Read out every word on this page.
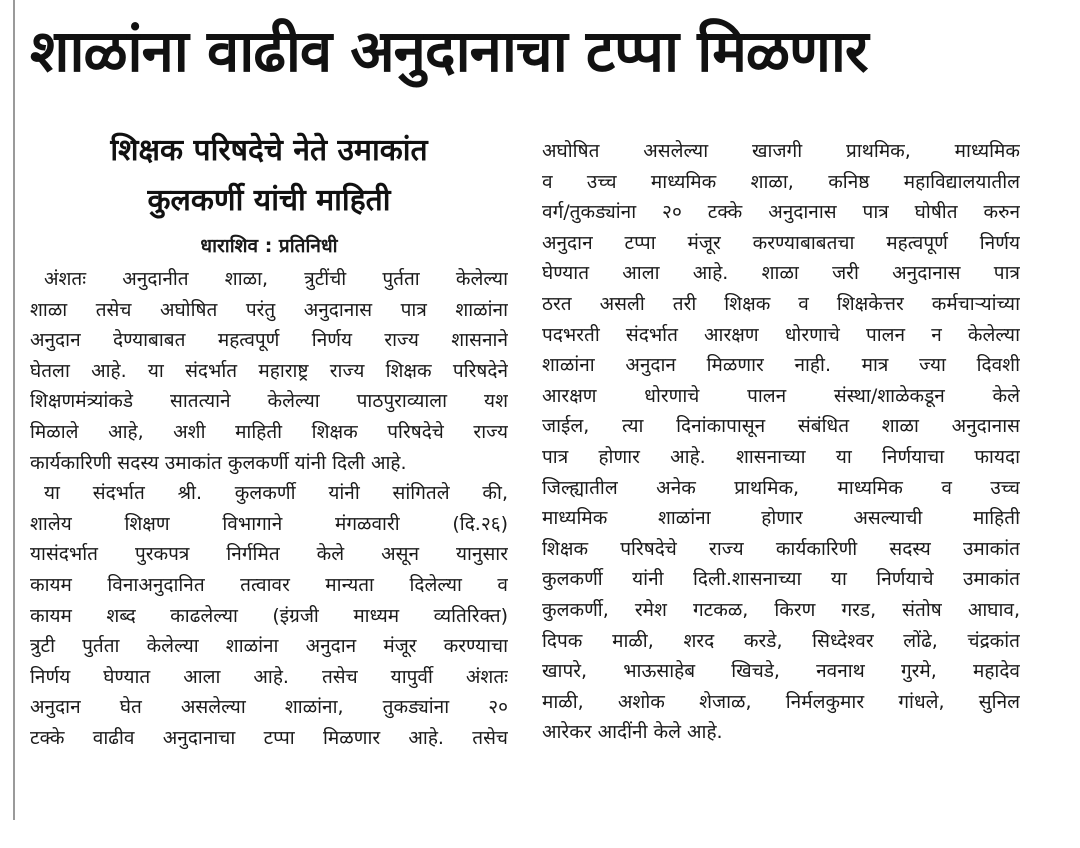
शाळांना वाढीव अनुदानाचा टप्पा मिळणार
शिक्षक परिषदेचे नेते उमाकांत
कुलकर्णी यांची माहिती
धाराशिव : प्रतिनिधी
अंशतः अनुदानीत शाळा, त्रुटींची पुर्तता केलेल्या
शाळा तसेच अघोषित परंतु अनुदानास पात्र शाळांना
अनुदान देण्याबाबत महत्वपूर्ण निर्णय राज्य शासनाने
घेतला आहे. या संदर्भात महाराष्ट्र राज्य शिक्षक परिषदेने
शिक्षणमंत्र्यांकडे सातत्याने केलेल्या पाठपुराव्याला यश
मिळाले आहे, अशी माहिती शिक्षक परिषदेचे राज्य
कार्यकारिणी सदस्य उमाकांत कुलकर्णी यांनी दिली आहे.
या संदर्भात श्री. कुलकर्णी यांनी सांगितले की,
शालेय शिक्षण विभागाने मंगळवारी (दि.२६)
यासंदर्भात पुरकपत्र निर्गमित केले असून यानुसार
कायम विनाअनुदानित तत्वावर मान्यता दिलेल्या व
कायम शब्द काढलेल्या (इंग्रजी माध्यम व्यतिरिक्त)
त्रुटी पुर्तता केलेल्या शाळांना अनुदान मंजूर करण्याचा
निर्णय घेण्यात आला आहे. तसेच यापुर्वी अंशतः
अनुदान घेत असलेल्या शाळांना, तुकड्यांना २०
टक्के वाढीव अनुदानाचा टप्पा मिळणार आहे. तसेच
अघोषित असलेल्या खाजगी प्राथमिक, माध्यमिक
व उच्च माध्यमिक शाळा, कनिष्ठ महाविद्यालयातील
वर्ग/तुकड्यांना २० टक्के अनुदानास पात्र घोषीत करुन
अनुदान टप्पा मंजूर करण्याबाबतचा महत्वपूर्ण निर्णय
घेण्यात आला आहे. शाळा जरी अनुदानास पात्र
ठरत असली तरी शिक्षक व शिक्षकेत्तर कर्मचाऱ्यांच्या
पदभरती संदर्भात आरक्षण धोरणाचे पालन न केलेल्या
शाळांना अनुदान मिळणार नाही. मात्र ज्या दिवशी
आरक्षण धोरणाचे पालन संस्था/शाळेकडून केले
जाईल, त्या दिनांकापासून संबंधित शाळा अनुदानास
पात्र होणार आहे. शासनाच्या या निर्णयाचा फायदा
जिल्ह्यातील अनेक प्राथमिक, माध्यमिक व उच्च
माध्यमिक शाळांना होणार असल्याची माहिती
शिक्षक परिषदेचे राज्य कार्यकारिणी सदस्य उमाकांत
कुलकर्णी यांनी दिली.शासनाच्या या निर्णयाचे उमाकांत
कुलकर्णी, रमेश गटकळ, किरण गरड, संतोष आघाव,
दिपक माळी, शरद करडे, सिध्देश्वर लोंढे, चंद्रकांत
खापरे, भाऊसाहेब खिचडे, नवनाथ गुरमे, महादेव
माळी, अशोक शेजाळ, निर्मलकुमार गांधले, सुनिल
आरेकर आदींनी केले आहे.
